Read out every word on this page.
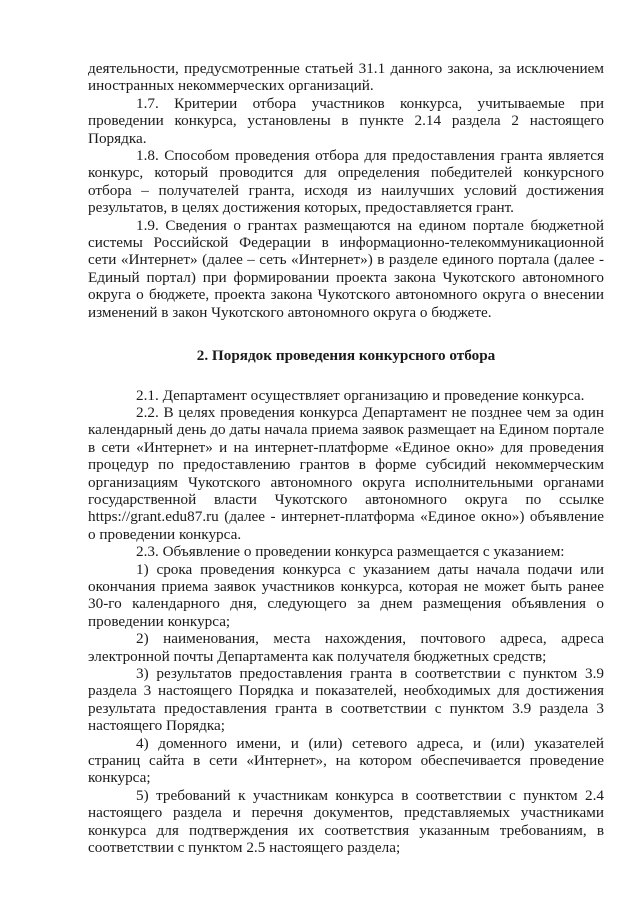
деятельности, предусмотренные статьей 31.1 данного закона, за исключением иностранных некоммерческих организаций.

1.7. Критерии отбора участников конкурса, учитываемые при проведении конкурса, установлены в пункте 2.14 раздела 2 настоящего Порядка.

1.8. Способом проведения отбора для предоставления гранта является конкурс, который проводится для определения победителей конкурсного отбора – получателей гранта, исходя из наилучших условий достижения результатов, в целях достижения которых, предоставляется грант.

1.9. Сведения о грантах размещаются на едином портале бюджетной системы Российской Федерации в информационно-телекоммуникационной сети «Интернет» (далее – сеть «Интернет») в разделе единого портала (далее - Единый портал) при формировании проекта закона Чукотского автономного округа о бюджете, проекта закона Чукотского автономного округа о внесении изменений в закон Чукотского автономного округа о бюджете.

2. Порядок проведения конкурсного отбора

2.1. Департамент осуществляет организацию и проведение конкурса.

2.2. В целях проведения конкурса Департамент не позднее чем за один календарный день до даты начала приема заявок размещает на Едином портале в сети «Интернет» и на интернет-платформе «Единое окно» для проведения процедур по предоставлению грантов в форме субсидий некоммерческим организациям Чукотского автономного округа исполнительными органами государственной власти Чукотского автономного округа по ссылке https://grant.edu87.ru (далее - интернет-платформа «Единое окно») объявление о проведении конкурса.

2.3. Объявление о проведении конкурса размещается с указанием:

1) срока проведения конкурса с указанием даты начала подачи или окончания приема заявок участников конкурса, которая не может быть ранее 30-го календарного дня, следующего за днем размещения объявления о проведении конкурса;

2) наименования, места нахождения, почтового адреса, адреса электронной почты Департамента как получателя бюджетных средств;

3) результатов предоставления гранта в соответствии с пунктом 3.9 раздела 3 настоящего Порядка и показателей, необходимых для достижения результата предоставления гранта в соответствии с пунктом 3.9 раздела 3 настоящего Порядка;

4) доменного имени, и (или) сетевого адреса, и (или) указателей страниц сайта в сети «Интернет», на котором обеспечивается проведение конкурса;

5) требований к участникам конкурса в соответствии с пунктом 2.4 настоящего раздела и перечня документов, представляемых участниками конкурса для подтверждения их соответствия указанным требованиям, в соответствии с пунктом 2.5 настоящего раздела;
